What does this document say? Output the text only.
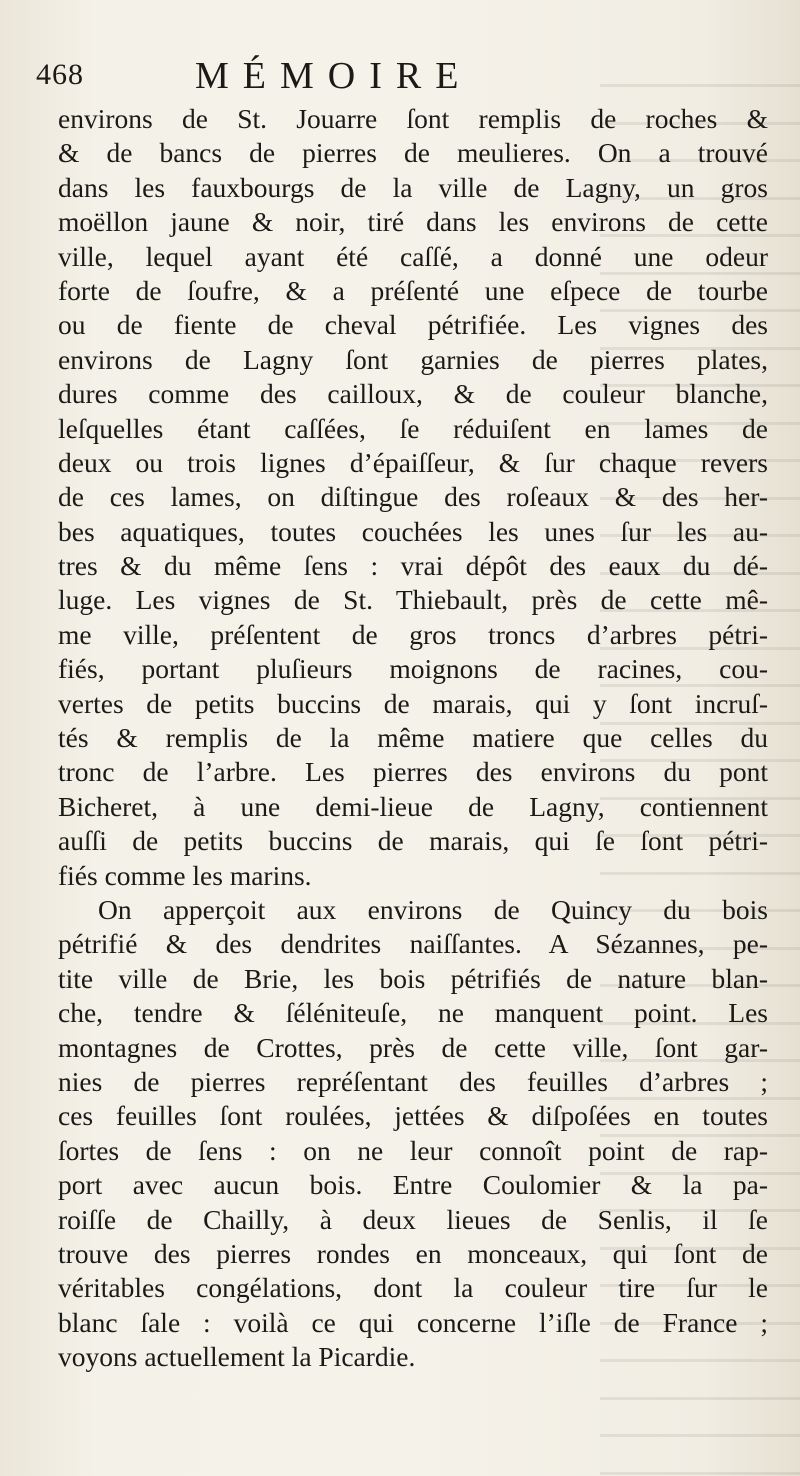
468	MÉMOIRE
environs de St. Jouarre ſont remplis de roches &
& de bancs de pierres de meulieres. On a trouvé
dans les fauxbourgs de la ville de Lagny, un gros
moëllon jaune & noir, tiré dans les environs de cette
ville, lequel ayant été caſſé, a donné une odeur
forte de ſoufre, & a préſenté une eſpece de tourbe
ou de fiente de cheval pétrifiée. Les vignes des
environs de Lagny ſont garnies de pierres plates,
dures comme des cailloux, & de couleur blanche,
leſquelles étant caſſées, ſe réduiſent en lames de
deux ou trois lignes d’épaiſſeur, & ſur chaque revers
de ces lames, on diſtingue des roſeaux & des her-
bes aquatiques, toutes couchées les unes ſur les au-
tres & du même ſens : vrai dépôt des eaux du dé-
luge. Les vignes de St. Thiebault, près de cette mê-
me ville, préſentent de gros troncs d’arbres pétri-
fiés, portant pluſieurs moignons de racines, cou-
vertes de petits buccins de marais, qui y ſont incruſ-
tés & remplis de la même matiere que celles du
tronc de l’arbre. Les pierres des environs du pont
Bicheret, à une demi-lieue de Lagny, contiennent
auſſi de petits buccins de marais, qui ſe ſont pétri-
fiés comme les marins.
On apperçoit aux environs de Quincy du bois
pétrifié & des dendrites naiſſantes. A Sézannes, pe-
tite ville de Brie, les bois pétrifiés de nature blan-
che, tendre & ſéléniteuſe, ne manquent point. Les
montagnes de Crottes, près de cette ville, ſont gar-
nies de pierres repréſentant des feuilles d’arbres ;
ces feuilles ſont roulées, jettées & diſpoſées en toutes
ſortes de ſens : on ne leur connoît point de rap-
port avec aucun bois. Entre Coulomier & la pa-
roiſſe de Chailly, à deux lieues de Senlis, il ſe
trouve des pierres rondes en monceaux, qui ſont de
véritables congélations, dont la couleur tire ſur le
blanc ſale : voilà ce qui concerne l’iſle de France ;
voyons actuellement la Picardie.
